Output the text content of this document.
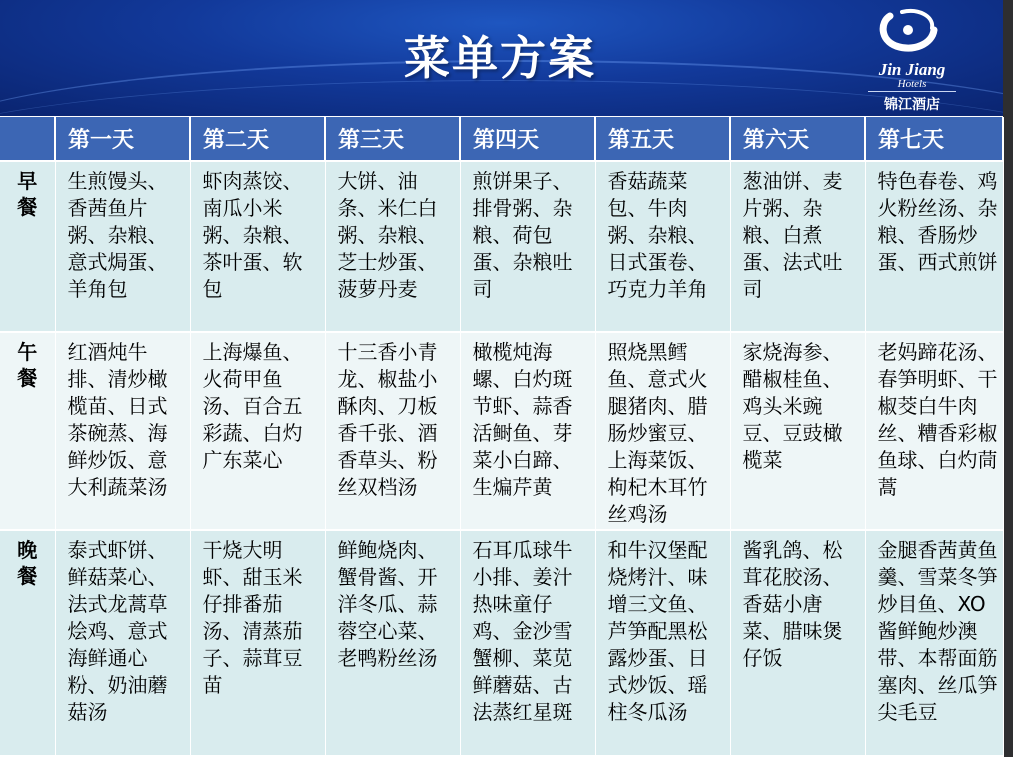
菜单方案	Jin Jiang
Hotels
锦江酒店
	第一天	第二天	第三天	第四天	第五天	第六天	第七天
早餐	生煎馒头、香茜鱼片粥、杂粮、意式焗蛋、羊角包	虾肉蒸饺、南瓜小米粥、杂粮、茶叶蛋、软包	大饼、油条、米仁白粥、杂粮、芝士炒蛋、菠萝丹麦	煎饼果子、排骨粥、杂粮、荷包蛋、杂粮吐司	香菇蔬菜包、牛肉粥、杂粮、日式蛋卷、巧克力羊角	葱油饼、麦片粥、杂粮、白煮蛋、法式吐司	特色春卷、鸡火粉丝汤、杂粮、香肠炒蛋、西式煎饼
午餐	红酒炖牛排、清炒橄榄苗、日式茶碗蒸、海鲜炒饭、意大利蔬菜汤	上海爆鱼、火荷甲鱼汤、百合五彩蔬、白灼广东菜心	十三香小青龙、椒盐小酥肉、刀板香千张、酒香草头、粉丝双档汤	橄榄炖海螺、白灼斑节虾、蒜香活鲥鱼、芽菜小白蹄、生煸芹黄	照烧黑鳕鱼、意式火腿猪肉、腊肠炒蜜豆、上海菜饭、枸杞木耳竹丝鸡汤	家烧海参、醋椒桂鱼、鸡头米豌豆、豆豉橄榄菜	老妈蹄花汤、春笋明虾、干椒茭白牛肉丝、糟香彩椒鱼球、白灼茼蒿
晚餐	泰式虾饼、鲜菇菜心、法式龙蒿草烩鸡、意式海鲜通心粉、奶油蘑菇汤	干烧大明虾、甜玉米仔排番茄汤、清蒸茄子、蒜茸豆苗	鲜鲍烧肉、蟹骨酱、开洋冬瓜、蒜蓉空心菜、老鸭粉丝汤	石耳瓜球牛小排、姜汁热味童仔鸡、金沙雪蟹柳、菜苋鲜蘑菇、古法蒸红星斑	和牛汉堡配烧烤汁、味增三文鱼、芦笋配黑松露炒蛋、日式炒饭、瑶柱冬瓜汤	酱乳鸽、松茸花胶汤、香菇小唐菜、腊味煲仔饭	金腿香茜黄鱼羹、雪菜冬笋炒目鱼、XO酱鲜鲍炒澳带、本帮面筋塞肉、丝瓜笋尖毛豆
